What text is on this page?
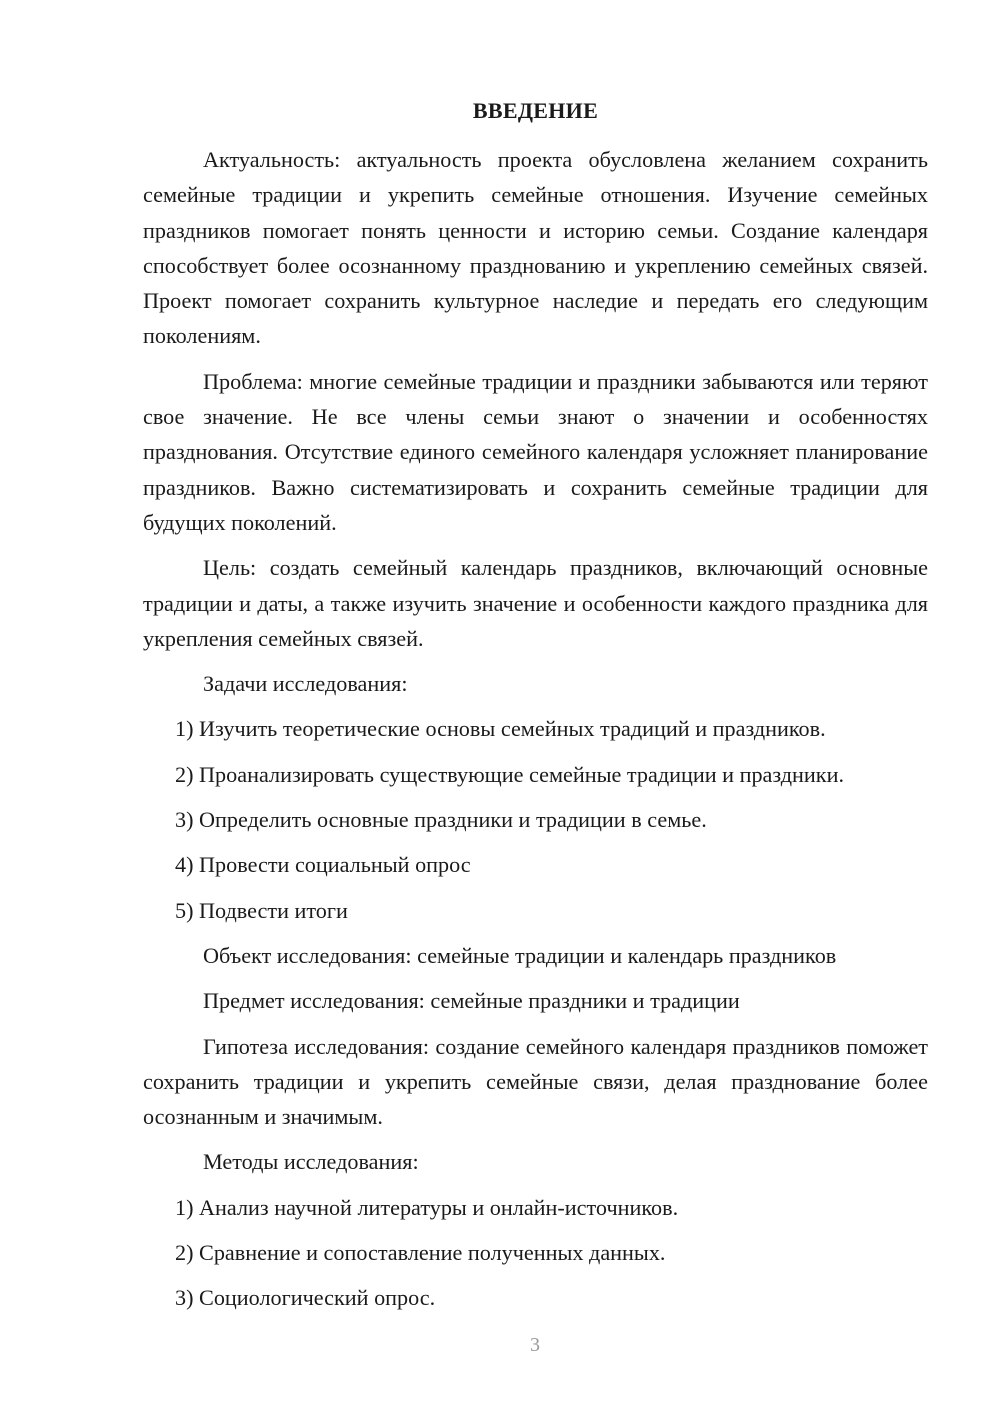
ВВЕДЕНИЕ

Актуальность: актуальность проекта обусловлена желанием сохранить семейные традиции и укрепить семейные отношения. Изучение семейных праздников помогает понять ценности и историю семьи. Создание календаря способствует более осознанному празднованию и укреплению семейных связей. Проект помогает сохранить культурное наследие и передать его следующим поколениям.

Проблема: многие семейные традиции и праздники забываются или теряют свое значение. Не все члены семьи знают о значении и особенностях празднования. Отсутствие единого семейного календаря усложняет планирование праздников. Важно систематизировать и сохранить семейные традиции для будущих поколений.

Цель: создать семейный календарь праздников, включающий основные традиции и даты, а также изучить значение и особенности каждого праздника для укрепления семейных связей.

Задачи исследования:
1) Изучить теоретические основы семейных традиций и праздников.
2) Проанализировать существующие семейные традиции и праздники.
3) Определить основные праздники и традиции в семье.
4) Провести социальный опрос
5) Подвести итоги
Объект исследования: семейные традиции и календарь праздников
Предмет исследования: семейные праздники и традиции

Гипотеза исследования: создание семейного календаря праздников поможет сохранить традиции и укрепить семейные связи, делая празднование более осознанным и значимым.

Методы исследования:
1) Анализ научной литературы и онлайн-источников.
2) Сравнение и сопоставление полученных данных.
3) Социологический опрос.
3
